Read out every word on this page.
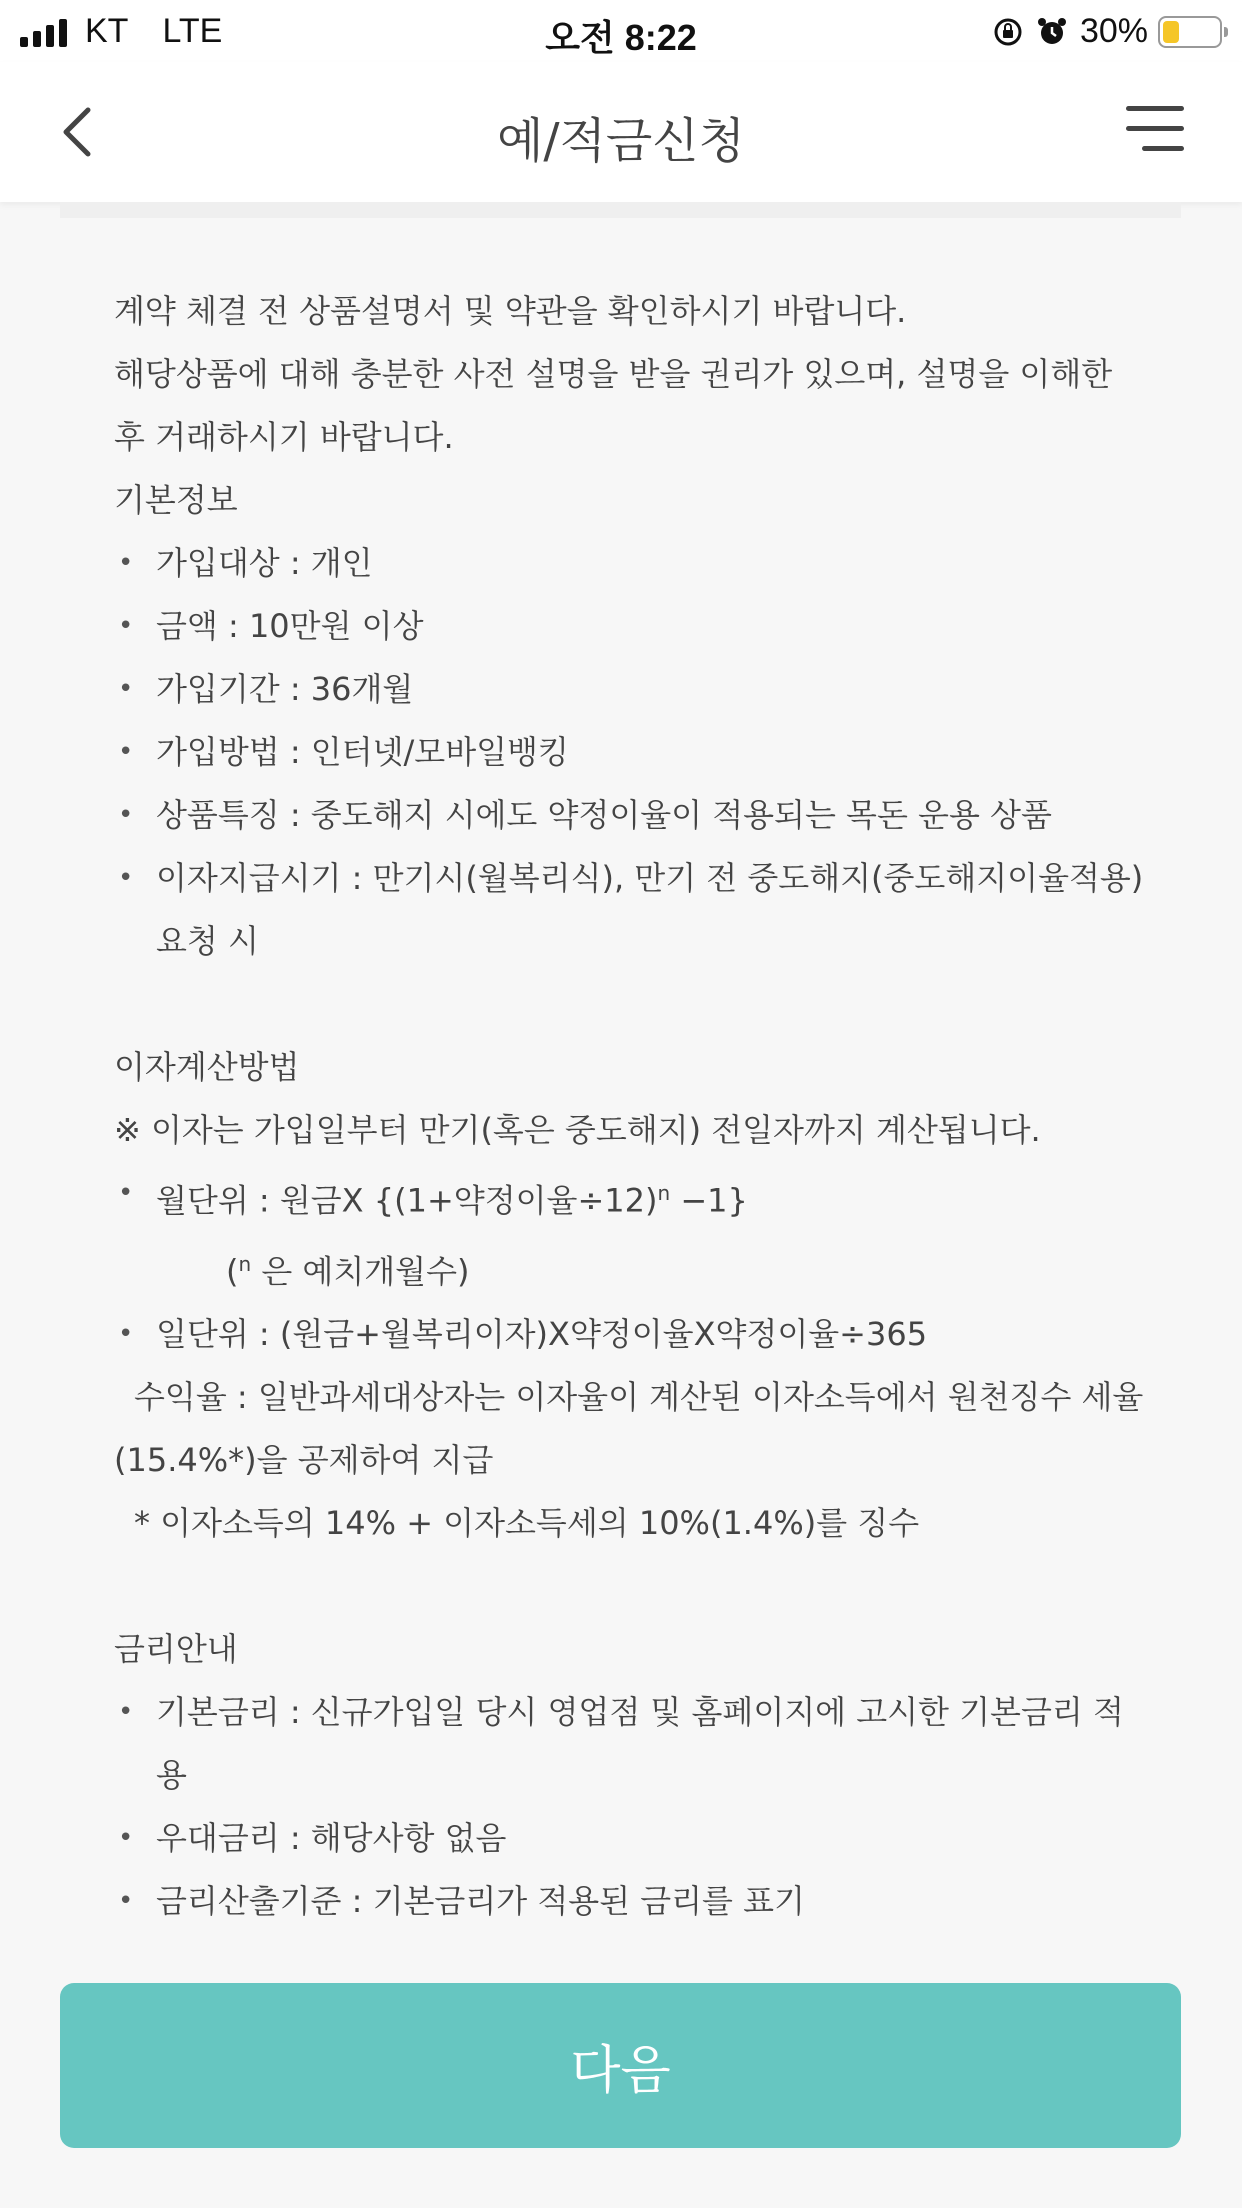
KT LTE	오전 8:22	30%
예/적금신청

계약 체결 전 상품설명서 및 약관을 확인하시기 바랍니다.

해당상품에 대해 충분한 사전 설명을 받을 권리가 있으며, 설명을 이해한 후 거래하시기 바랍니다.

기본정보

• 가입대상 : 개인

• 금액 : 10만원 이상

• 가입기간 : 36개월

• 가입방법 : 인터넷/모바일뱅킹

• 상품특징 : 중도해지 시에도 약정이율이 적용되는 목돈 운용 상품

• 이자지급시기 : 만기시(월복리식), 만기 전 중도해지(중도해지이율적용)요청 시

이자계산방법

※ 이자는 가입일부터 만기(혹은 중도해지) 전일자까지 계산됩니다.

• 월단위 : 원금X {(1+약정이율÷12)$^n$ −1}

($^n$ 은 예치개월수)

• 일단위 : (원금+월복리이자)X약정이율X약정이율÷365

수익율 : 일반과세대상자는 이자율이 계산된 이자소득에서 원천징수 세율

(15.4%*)을 공제하여 지급

* 이자소득의 14% + 이자소득세의 10%(1.4%)를 징수

금리안내

• 기본금리 : 신규가입일 당시 영업점 및 홈페이지에 고시한 기본금리 적용

• 우대금리 : 해당사항 없음

• 금리산출기준 : 기본금리가 적용된 금리를 표기

다음
